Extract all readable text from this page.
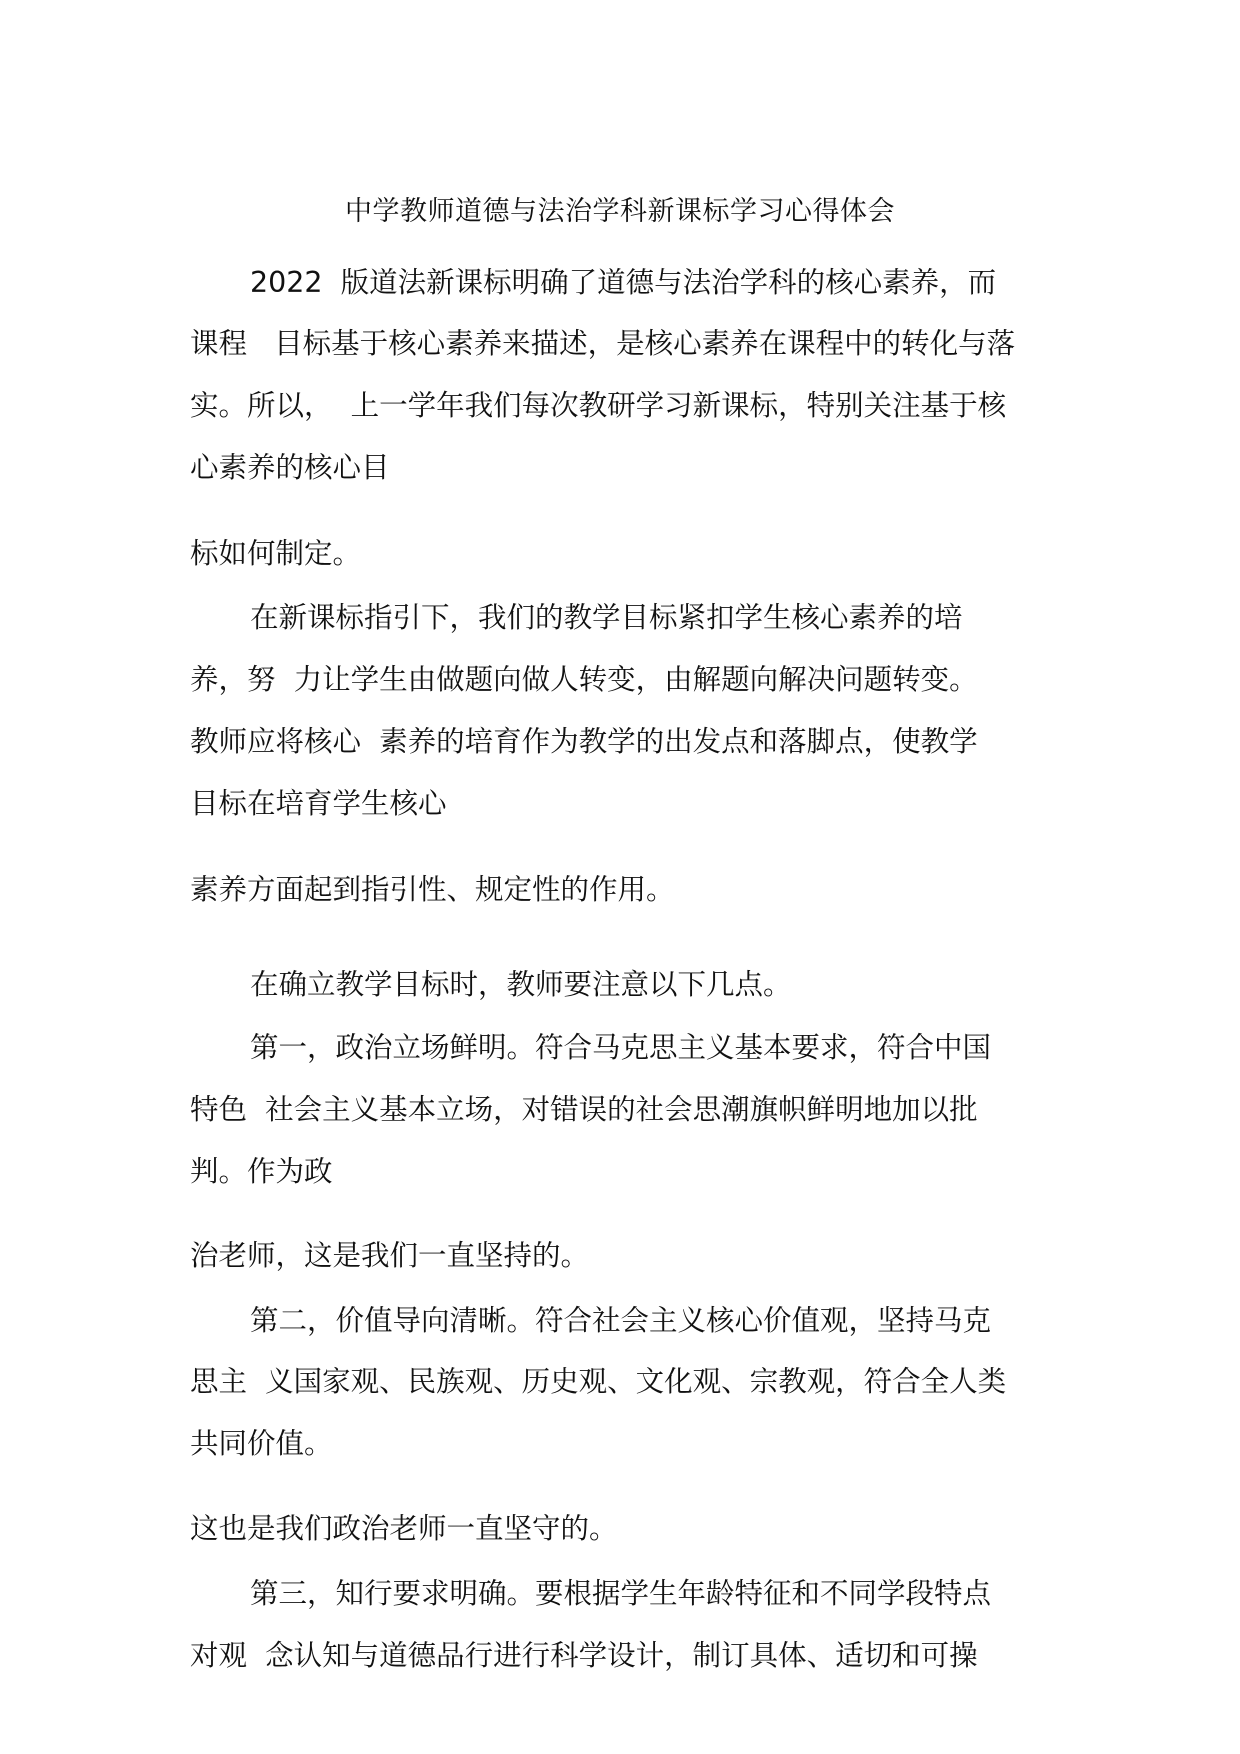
中学教师道德与法治学科新课标学习心得体会

2022  版道法新课标明确了道德与法治学科的核心素养，而

课程   目标基于核心素养来描述，是核心素养在课程中的转化与落

实。所以，  上一学年我们每次教研学习新课标，特别关注基于核

心素养的核心目

标如何制定。

在新课标指引下，我们的教学目标紧扣学生核心素养的培

养，努  力让学生由做题向做人转变，由解题向解决问题转变。

教师应将核心  素养的培育作为教学的出发点和落脚点，使教学

目标在培育学生核心

素养方面起到指引性、规定性的作用。

在确立教学目标时，教师要注意以下几点。

第一，政治立场鲜明。符合马克思主义基本要求，符合中国

特色  社会主义基本立场，对错误的社会思潮旗帜鲜明地加以批

判。作为政

治老师，这是我们一直坚持的。

第二，价值导向清晰。符合社会主义核心价值观，坚持马克

思主  义国家观、民族观、历史观、文化观、宗教观，符合全人类

共同价值。

这也是我们政治老师一直坚守的。

第三，知行要求明确。要根据学生年龄特征和不同学段特点

对观  念认知与道德品行进行科学设计，制订具体、适切和可操
